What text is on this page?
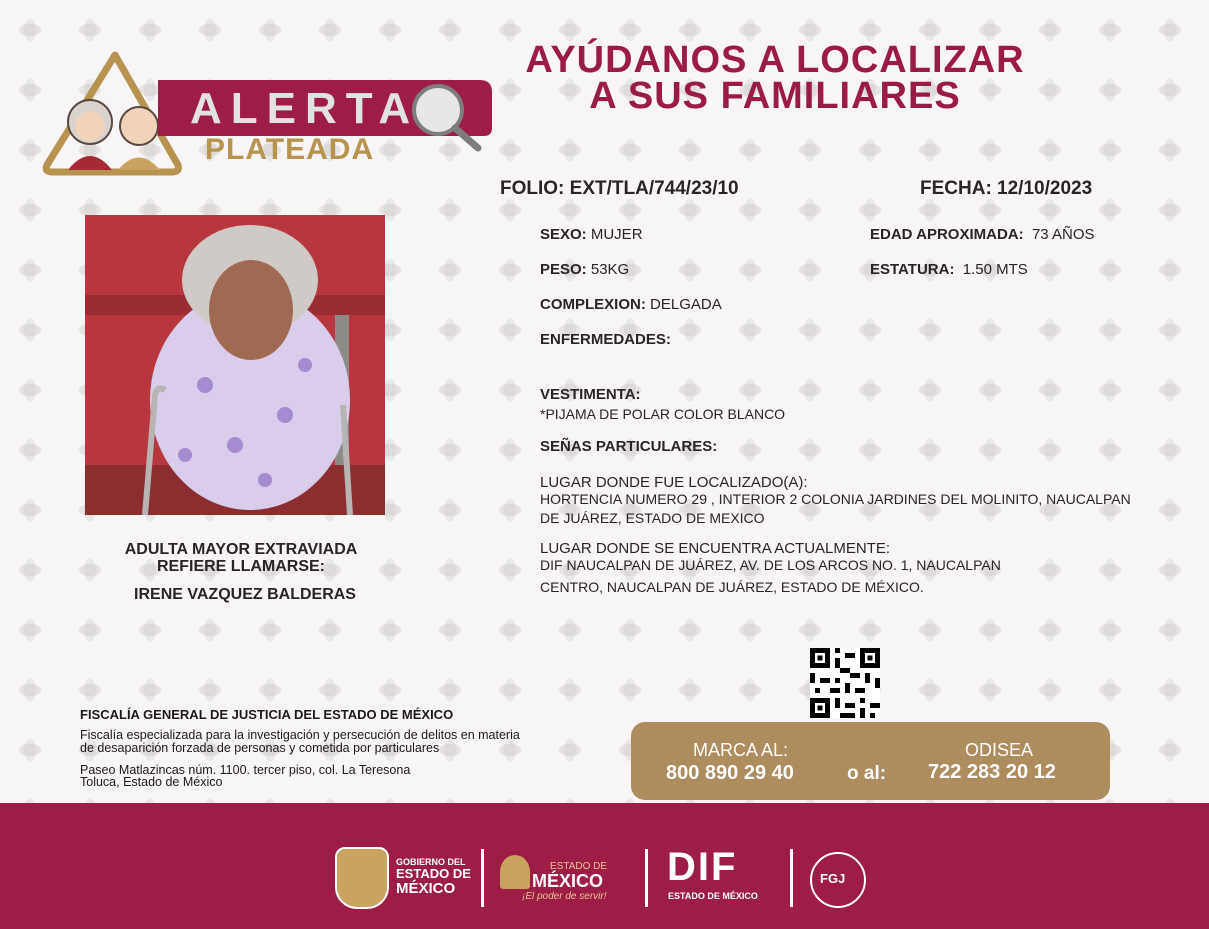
ALERTA
PLATEADA
AYÚDANOS A LOCALIZAR
A SUS FAMILIARES
FOLIO: EXT/TLA/744/23/10	FECHA: 12/10/2023
ADULTA MAYOR EXTRAVIADA
REFIERE LLAMARSE:
IRENE VAZQUEZ BALDERAS
SEXO: MUJER	EDAD APROXIMADA: 73 AÑOS
PESO: 53KG	ESTATURA: 1.50 MTS
COMPLEXION: DELGADA
ENFERMEDADES:
VESTIMENTA:
*PIJAMA DE POLAR COLOR BLANCO
SEÑAS PARTICULARES:
LUGAR DONDE FUE LOCALIZADO(A):
HORTENCIA NUMERO 29 , INTERIOR 2 COLONIA JARDINES DEL MOLINITO, NAUCALPAN
DE JUÁREZ, ESTADO DE MEXICO
LUGAR DONDE SE ENCUENTRA ACTUALMENTE:
DIF NAUCALPAN DE JUÁREZ, AV. DE LOS ARCOS NO. 1, NAUCALPAN
CENTRO, NAUCALPAN DE JUÁREZ, ESTADO DE MÉXICO.
FISCALÍA GENERAL DE JUSTICIA DEL ESTADO DE MÉXICO
Fiscalía especializada para la investigación y persecución de delitos en materia
de desaparición forzada de personas y cometida por particulares
Paseo Matlazincas núm. 1100. tercer piso, col. La Teresona
Toluca, Estado de México
MARCA AL:
800 890 29 40	o al:
ODISEA
722 283 20 12
GOBIERNO DEL
ESTADO DE
MÉXICO
ESTADO DE
MÉXICO
¡El poder de servir!
DIF
ESTADO DE MÉXICO
FGJ
